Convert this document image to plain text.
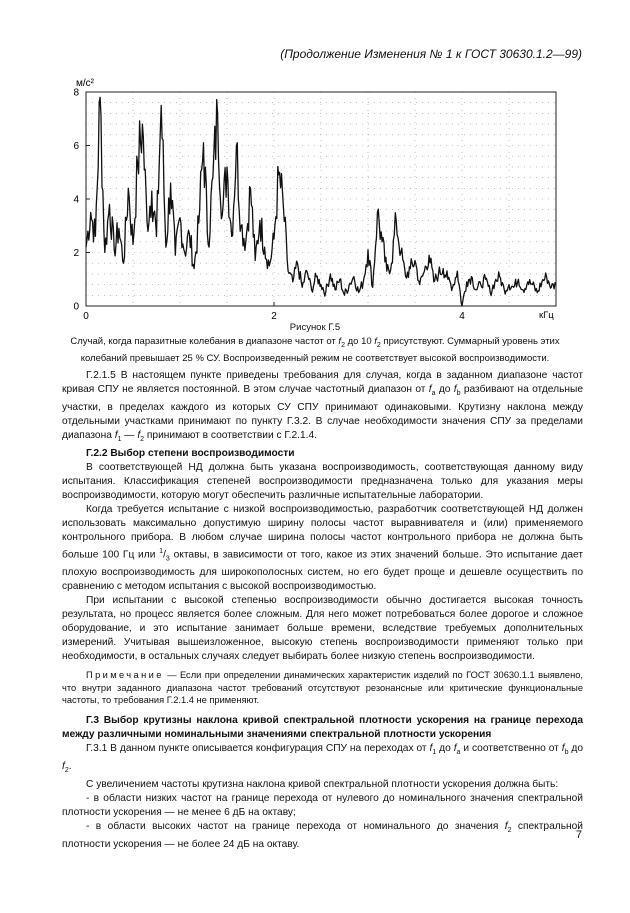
(Продолжение Изменения № 1 к ГОСТ 30630.1.2—99)
0
2
4
6
8
0	2	4
м/с²
кГц
Рисунок Г.5
Случай, когда паразитные колебания в диапазоне частот от $f_2$ до 10 $f_2$ присутствуют. Суммарный уровень этих колебаний превышает 25 % СУ. Воспроизведенный режим не соответствует высокой воспроизводимости.

Г.2.1.5 В настоящем пункте приведены требования для случая, когда в заданном диапазоне частот кривая СПУ не является постоянной. В этом случае частотный диапазон от $f_a$ до $f_b$ разбивают на отдельные участки, в пределах каждого из которых СУ СПУ принимают одинаковыми. Крутизну наклона между отдельными участками принимают по пункту Г.3.2. В случае необходимости значения СПУ за пределами диапазона $f_1$ — $f_2$ принимают в соответствии с Г.2.1.4.

Г.2.2 Выбор степени воспроизводимости

В соответствующей НД должна быть указана воспроизводимость, соответствующая данному виду испытания. Классификация степеней воспроизводимости предназначена только для указания меры воспроизводимости, которую могут обеспечить различные испытательные лаборатории.

Когда требуется испытание с низкой воспроизводимостью, разработчик соответствующей НД должен использовать максимально допустимую ширину полосы частот выравнивателя и (или) применяемого контрольного прибора. В любом случае ширина полосы частот контрольного прибора не должна быть больше 100 Гц или $^1/_3$ октавы, в зависимости от того, какое из этих значений больше. Это испытание дает плохую воспроизводимость для широкополосных систем, но его будет проще и дешевле осуществить по сравнению с методом испытания с высокой воспроизводимостью.

При испытании с высокой степенью воспроизводимости обычно достигается высокая точность результата, но процесс является более сложным. Для него может потребоваться более дорогое и сложное оборудование, и это испытание занимает больше времени, вследствие требуемых дополнительных измерений. Учитывая вышеизложенное, высокую степень воспроизводимости применяют только при необходимости, в остальных случаях следует выбирать более низкую степень воспроизводимости.

Примечание — Если при определении динамических характеристик изделий по ГОСТ 30630.1.1 выявлено, что внутри заданного диапазона частот требований отсутствуют резонансные или критические функциональные частоты, то требования Г.2.1.4 не применяют.

Г.3 Выбор крутизны наклона кривой спектральной плотности ускорения на границе перехода между различными номинальными значениями спектральной плотности ускорения

Г.3.1 В данном пункте описывается конфигурация СПУ на переходах от $f_1$ до $f_a$ и соответственно от $f_b$ до $f_2$.

С увеличением частоты крутизна наклона кривой спектральной плотности ускорения должна быть:

- в области низких частот на границе перехода от нулевого до номинального значения спектральной плотности ускорения — не менее 6 дБ на октаву;

- в области высоких частот на границе перехода от номинального до значения $f_2$ спектральной плотности ускорения — не более 24 дБ на октаву.

7
